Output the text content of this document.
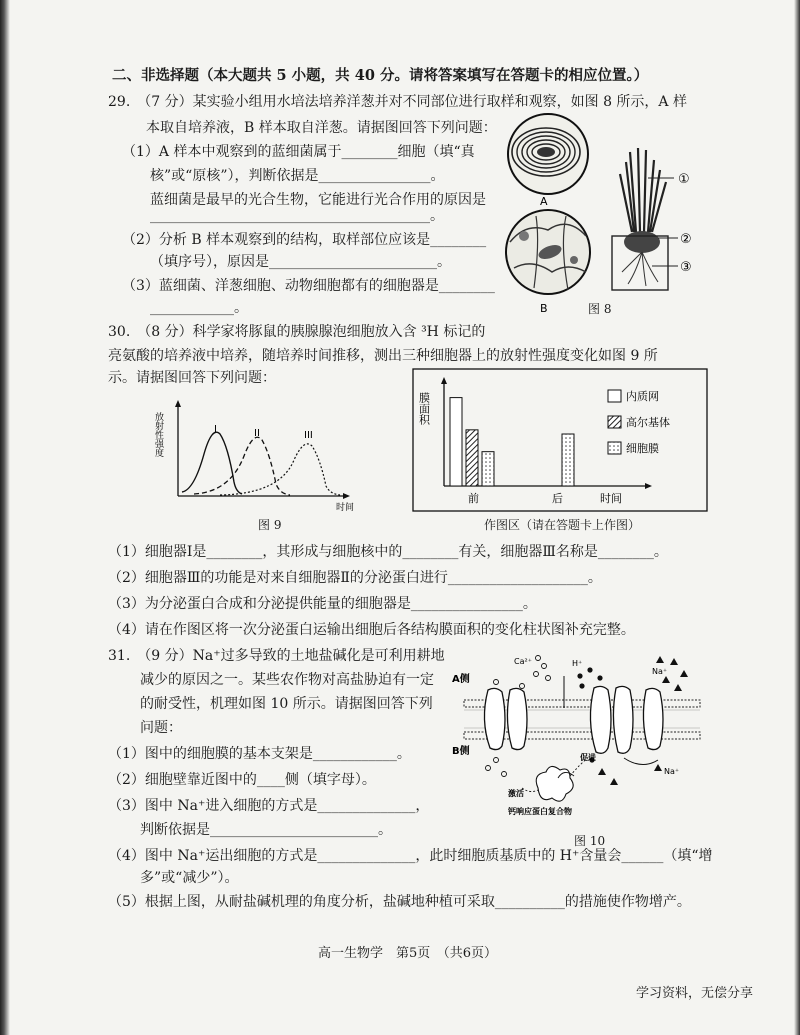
二、非选择题（本大题共 5 小题，共 40 分。请将答案填写在答题卡的相应位置。）
29.　（7 分）某实验小组用水培法培养洋葱并对不同部位进行取样和观察，如图 8 所示，A 样
本取自培养液，B 样本取自洋葱。请据图回答下列问题：
（1）A 样本中观察到的蓝细菌属于________细胞（填“真
核”或“原核”），判断依据是________________。
蓝细菌是最早的光合生物，它能进行光合作用的原因是
________________________________________。
（2）分析 B 样本观察到的结构，取样部位应该是________
（填序号），原因是________________________。
（3）蓝细菌、洋葱细胞、动物细胞都有的细胞器是________
____________。
A
B
①
②
③
图 8
30.　（8 分）科学家将豚鼠的胰腺腺泡细胞放入含 ³H 标记的
亮氨酸的培养液中培养，随培养时间推移，测出三种细胞器上的放射性强度变化如图 9 所
示。请据图回答下列问题：
放射性强度
时间
I	II	III
图 9
膜面积
时间
前	后
内质网
高尔基体
细胞膜
作图区（请在答题卡上作图）
（1）细胞器Ⅰ是________，其形成与细胞核中的________有关，细胞器Ⅲ名称是________。
（2）细胞器Ⅲ的功能是对来自细胞器Ⅱ的分泌蛋白进行____________________。
（3）为分泌蛋白合成和分泌提供能量的细胞器是________________。
（4）请在作图区将一次分泌蛋白运输出细胞后各结构膜面积的变化柱状图补充完整。
31.　（9 分）Na⁺过多导致的土地盐碱化是可利用耕地
减少的原因之一。某些农作物对高盐胁迫有一定
的耐受性，机理如图 10 所示。请据图回答下列
问题：
（1）图中的细胞膜的基本支架是____________。
（2）细胞壁靠近图中的____侧（填字母）。
（3）图中 Na⁺进入细胞的方式是______________，
判断依据是________________________。
（4）图中 Na⁺运出细胞的方式是______________，此时细胞质基质中的 H⁺含量会______（填“增
多”或“减少”）。
（5）根据上图，从耐盐碱机理的角度分析，盐碱地种植可采取__________的措施使作物增产。
A侧
B侧
Ca²⁺	H⁺
Na⁺
Na⁺
促进
激活
钙响应蛋白复合物
图 10
高一生物学　第5页　（共6页）
学习资料，无偿分享
